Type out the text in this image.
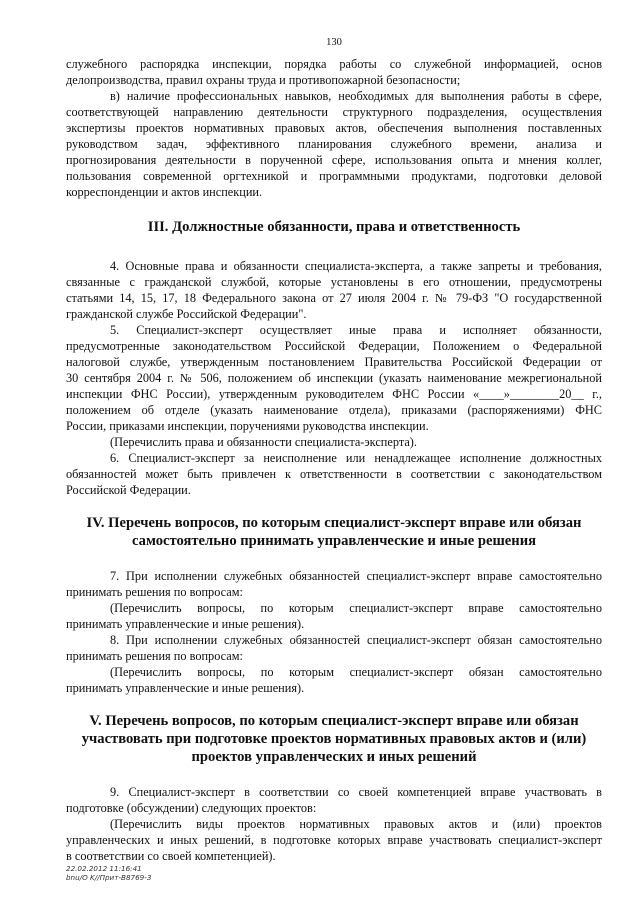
130

служебного распорядка инспекции, порядка работы со служебной информацией, основ

делопроизводства, правил охраны труда и противопожарной безопасности;

в) наличие профессиональных навыков, необходимых для выполнения работы в сфере,

соответствующей направлению деятельности структурного подразделения, осуществления

экспертизы проектов нормативных правовых актов, обеспечения выполнения поставленных

руководством задач, эффективного планирования служебного времени, анализа и

прогнозирования деятельности в порученной сфере, использования опыта и мнения коллег,

пользования современной оргтехникой и программными продуктами, подготовки деловой

корреспонденции и актов инспекции.

III. Должностные обязанности, права и ответственность

4. Основные права и обязанности специалиста-эксперта, а также запреты и требования,

связанные с гражданской службой, которые установлены в его отношении, предусмотрены

статьями 14, 15, 17, 18 Федерального закона от 27 июля 2004 г. № 79-ФЗ "О государственной

гражданской службе Российской Федерации".

5. Специалист-эксперт осуществляет иные права и исполняет обязанности,

предусмотренные законодательством Российской Федерации, Положением о Федеральной

налоговой службе, утвержденным постановлением Правительства Российской Федерации от

30 сентября 2004 г. № 506, положением об инспекции (указать наименование межрегиональной

инспекции ФНС России), утвержденным руководителем ФНС России «____»________20__ г.,

положением об отделе (указать наименование отдела), приказами (распоряжениями) ФНС

России, приказами инспекции, поручениями руководства инспекции.

(Перечислить права и обязанности специалиста-эксперта).

6. Специалист-эксперт за неисполнение или ненадлежащее исполнение должностных

обязанностей может быть привлечен к ответственности в соответствии с законодательством

Российской Федерации.

IV. Перечень вопросов, по которым специалист-эксперт вправе или обязан
самостоятельно принимать управленческие и иные решения

7. При исполнении служебных обязанностей специалист-эксперт вправе самостоятельно

принимать решения по вопросам:

(Перечислить вопросы, по которым специалист-эксперт вправе самостоятельно

принимать управленческие и иные решения).

8. При исполнении служебных обязанностей специалист-эксперт обязан самостоятельно

принимать решения по вопросам:

(Перечислить вопросы, по которым специалист-эксперт обязан самостоятельно

принимать управленческие и иные решения).

V. Перечень вопросов, по которым специалист-эксперт вправе или обязан
участвовать при подготовке проектов нормативных правовых актов и (или)
проектов управленческих и иных решений

9. Специалист-эксперт в соответствии со своей компетенцией вправе участвовать в

подготовке (обсуждении) следующих проектов:

(Перечислить виды проектов нормативных правовых актов и (или) проектов

управленческих и иных решений, в подготовке которых вправе участвовать специалист-эксперт

в соответствии со своей компетенцией).

22.02.2012 11:16:41
bnu/O K//Прит-В8769-3
